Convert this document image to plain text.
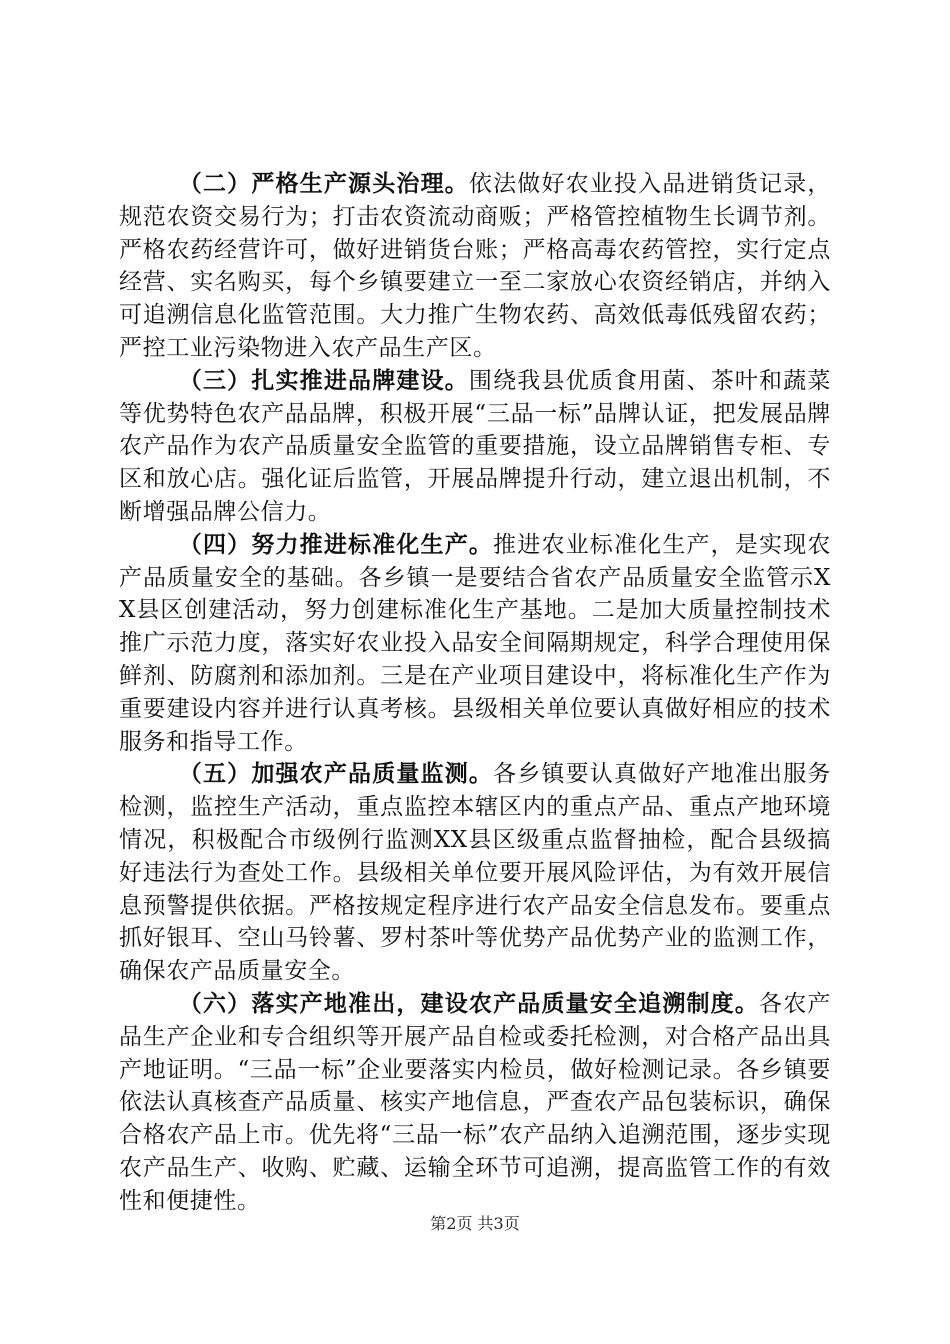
（二）严格生产源头治理。依法做好农业投入品进销货记录，规范农资交易行为；打击农资流动商贩；严格管控植物生长调节剂。严格农药经营许可，做好进销货台账；严格高毒农药管控，实行定点经营、实名购买，每个乡镇要建立一至二家放心农资经销店，并纳入可追溯信息化监管范围。大力推广生物农药、高效低毒低残留农药；严控工业污染物进入农产品生产区。

（三）扎实推进品牌建设。围绕我县优质食用菌、茶叶和蔬菜等优势特色农产品品牌，积极开展“三品一标”品牌认证，把发展品牌农产品作为农产品质量安全监管的重要措施，设立品牌销售专柜、专区和放心店。强化证后监管，开展品牌提升行动，建立退出机制，不断增强品牌公信力。

（四）努力推进标准化生产。推进农业标准化生产，是实现农产品质量安全的基础。各乡镇一是要结合省农产品质量安全监管示XX县区创建活动，努力创建标准化生产基地。二是加大质量控制技术推广示范力度，落实好农业投入品安全间隔期规定，科学合理使用保鲜剂、防腐剂和添加剂。三是在产业项目建设中，将标准化生产作为重要建设内容并进行认真考核。县级相关单位要认真做好相应的技术服务和指导工作。

（五）加强农产品质量监测。各乡镇要认真做好产地准出服务检测，监控生产活动，重点监控本辖区内的重点产品、重点产地环境情况，积极配合市级例行监测XX县区级重点监督抽检，配合县级搞好违法行为查处工作。县级相关单位要开展风险评估，为有效开展信息预警提供依据。严格按规定程序进行农产品安全信息发布。要重点抓好银耳、空山马铃薯、罗村茶叶等优势产品优势产业的监测工作，确保农产品质量安全。

（六）落实产地准出，建设农产品质量安全追溯制度。各农产品生产企业和专合组织等开展产品自检或委托检测，对合格产品出具产地证明。“三品一标”企业要落实内检员，做好检测记录。各乡镇要依法认真核查产品质量、核实产地信息，严查农产品包装标识，确保合格农产品上市。优先将“三品一标”农产品纳入追溯范围，逐步实现农产品生产、收购、贮藏、运输全环节可追溯，提高监管工作的有效性和便捷性。

第2页 共3页
